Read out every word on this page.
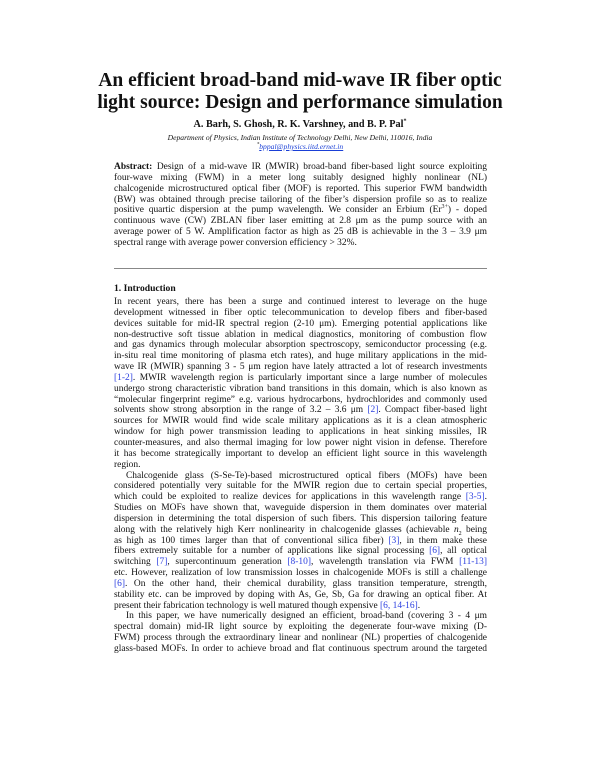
An efficient broad-band mid-wave IR fiber optic
light source: Design and performance simulation
A. Barh, S. Ghosh, R. K. Varshney, and B. P. Pal*
Department of Physics, Indian Institute of Technology Delhi, New Delhi, 110016, India
*bppal@physics.iitd.ernet.in
Abstract: Design of a mid-wave IR (MWIR) broad-band fiber-based light source exploiting
four-wave mixing (FWM) in a meter long suitably designed highly nonlinear (NL)
chalcogenide microstructured optical fiber (MOF) is reported. This superior FWM bandwidth
(BW) was obtained through precise tailoring of the fiber’s dispersion profile so as to realize
positive quartic dispersion at the pump wavelength. We consider an Erbium $(Er^{3+})$ - doped
continuous wave (CW) ZBLAN fiber laser emitting at 2.8 μm as the pump source with an
average power of 5 W. Amplification factor as high as 25 dB is achievable in the 3 – 3.9 μm
spectral range with average power conversion efficiency > 32%.
1. Introduction
In recent years, there has been a surge and continued interest to leverage on the huge
development witnessed in fiber optic telecommunication to develop fibers and fiber-based
devices suitable for mid-IR spectral region (2-10 μm). Emerging potential applications like
non-destructive soft tissue ablation in medical diagnostics, monitoring of combustion flow
and gas dynamics through molecular absorption spectroscopy, semiconductor processing (e.g.
in-situ real time monitoring of plasma etch rates), and huge military applications in the mid-
wave IR (MWIR) spanning 3 - 5 μm region have lately attracted a lot of research investments
[1-2]. MWIR wavelength region is particularly important since a large number of molecules
undergo strong characteristic vibration band transitions in this domain, which is also known as
“molecular fingerprint regime” e.g. various hydrocarbons, hydrochlorides and commonly used
solvents show strong absorption in the range of 3.2 – 3.6 μm [2]. Compact fiber-based light
sources for MWIR would find wide scale military applications as it is a clean atmospheric
window for high power transmission leading to applications in heat sinking missiles, IR
counter-measures, and also thermal imaging for low power night vision in defense. Therefore
it has become strategically important to develop an efficient light source in this wavelength
region.
Chalcogenide glass (S-Se-Te)-based microstructured optical fibers (MOFs) have been
considered potentially very suitable for the MWIR region due to certain special properties,
which could be exploited to realize devices for applications in this wavelength range [3-5].
Studies on MOFs have shown that, waveguide dispersion in them dominates over material
dispersion in determining the total dispersion of such fibers. This dispersion tailoring feature
along with the relatively high Kerr nonlinearity in chalcogenide glasses (achievable $n_2$ being
as high as 100 times larger than that of conventional silica fiber) [3], in them make these
fibers extremely suitable for a number of applications like signal processing [6], all optical
switching [7], supercontinuum generation [8-10], wavelength translation via FWM [11-13]
etc. However, realization of low transmission losses in chalcogenide MOFs is still a challenge
[6]. On the other hand, their chemical durability, glass transition temperature, strength,
stability etc. can be improved by doping with As, Ge, Sb, Ga for drawing an optical fiber. At
present their fabrication technology is well matured though expensive [6, 14-16].
In this paper, we have numerically designed an efficient, broad-band (covering 3 - 4 μm
spectral domain) mid-IR light source by exploiting the degenerate four-wave mixing (D-
FWM) process through the extraordinary linear and nonlinear (NL) properties of chalcogenide
glass-based MOFs. In order to achieve broad and flat continuous spectrum around the targeted
